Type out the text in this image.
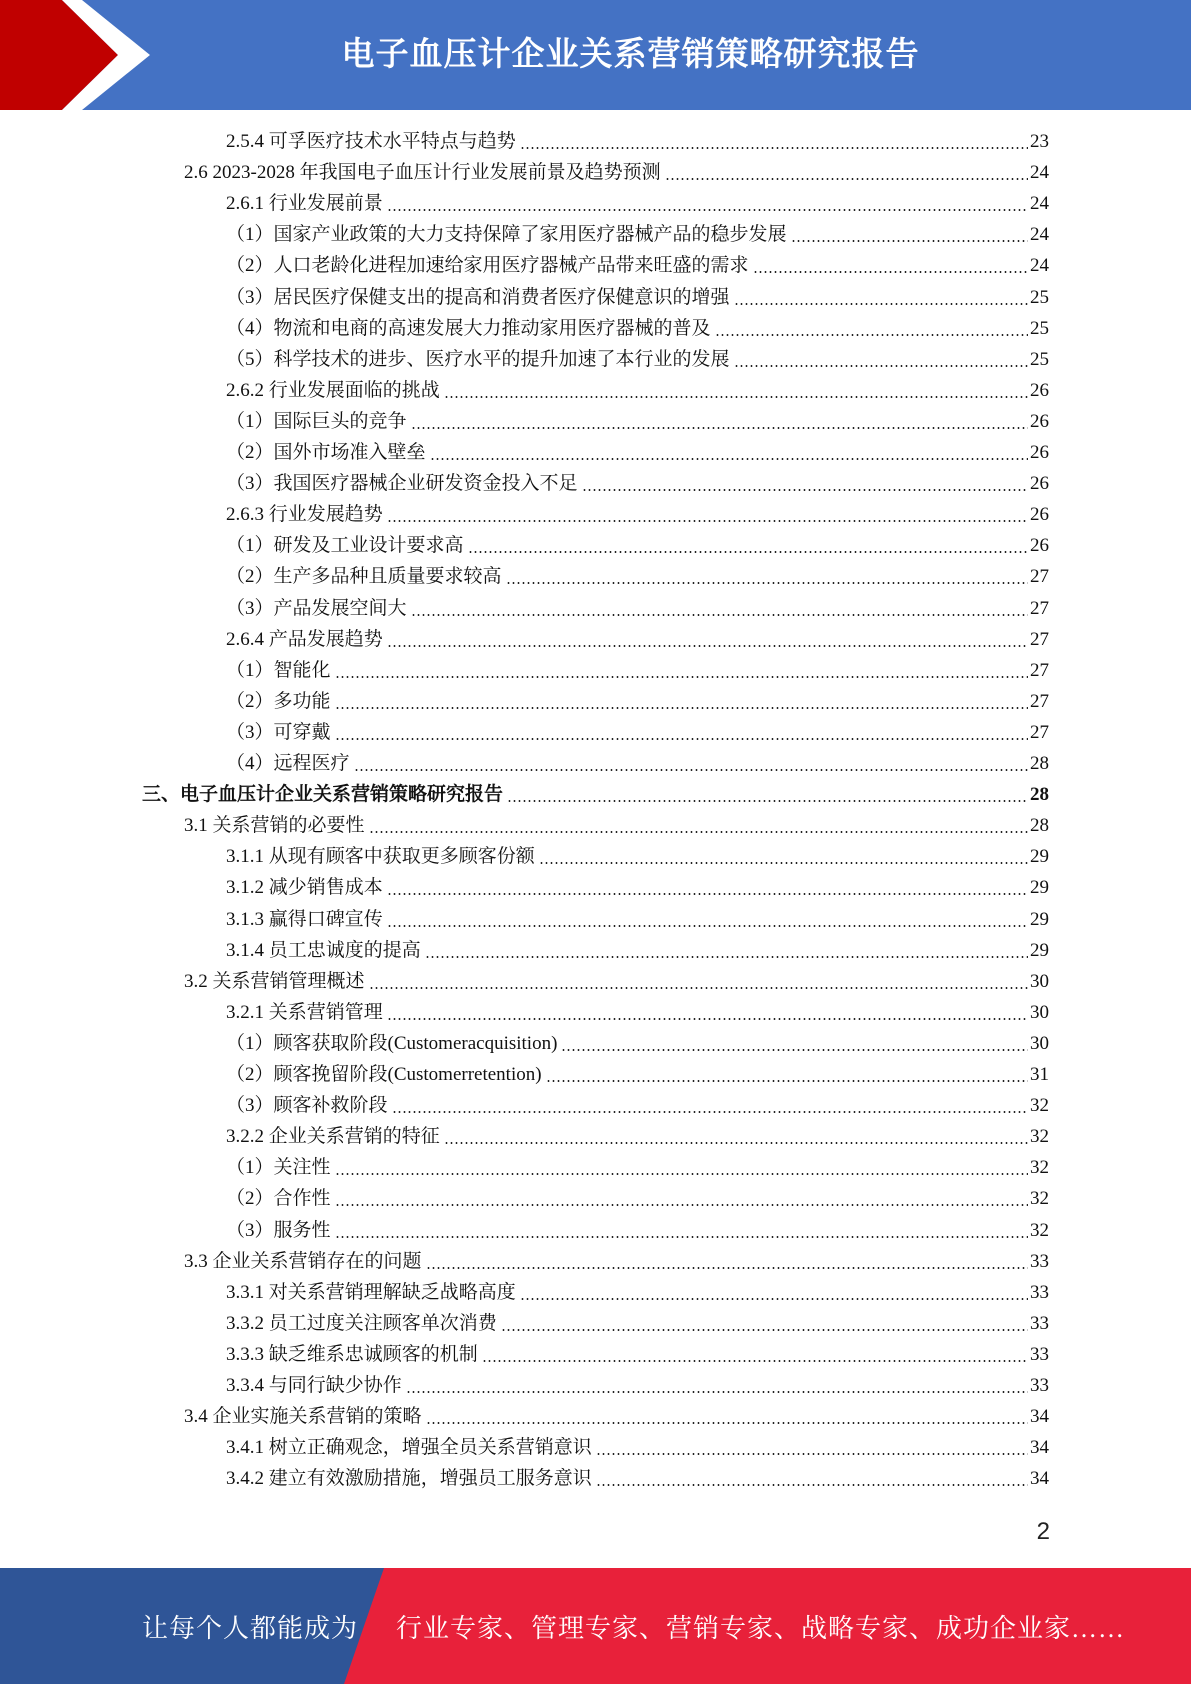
电子血压计企业关系营销策略研究报告
2.5.4 可孚医疗技术水平特点与趋势	23
2.6 2023-2028 年我国电子血压计行业发展前景及趋势预测	24
2.6.1 行业发展前景	24
（1）国家产业政策的大力支持保障了家用医疗器械产品的稳步发展	24
（2）人口老龄化进程加速给家用医疗器械产品带来旺盛的需求	24
（3）居民医疗保健支出的提高和消费者医疗保健意识的增强	25
（4）物流和电商的高速发展大力推动家用医疗器械的普及	25
（5）科学技术的进步、医疗水平的提升加速了本行业的发展	25
2.6.2 行业发展面临的挑战	26
（1）国际巨头的竞争	26
（2）国外市场准入壁垒	26
（3）我国医疗器械企业研发资金投入不足	26
2.6.3 行业发展趋势	26
（1）研发及工业设计要求高	26
（2）生产多品种且质量要求较高	27
（3）产品发展空间大	27
2.6.4 产品发展趋势	27
（1）智能化	27
（2）多功能	27
（3）可穿戴	27
（4）远程医疗	28
三、电子血压计企业关系营销策略研究报告	28
3.1 关系营销的必要性	28
3.1.1 从现有顾客中获取更多顾客份额	29
3.1.2 减少销售成本	29
3.1.3 赢得口碑宣传	29
3.1.4 员工忠诚度的提高	29
3.2 关系营销管理概述	30
3.2.1 关系营销管理	30
（1）顾客获取阶段(Customeracquisition)	30
（2）顾客挽留阶段(Customerretention)	31
（3）顾客补救阶段	32
3.2.2 企业关系营销的特征	32
（1）关注性	32
（2）合作性	32
（3）服务性	32
3.3 企业关系营销存在的问题	33
3.3.1 对关系营销理解缺乏战略高度	33
3.3.2 员工过度关注顾客单次消费	33
3.3.3 缺乏维系忠诚顾客的机制	33
3.3.4 与同行缺少协作	33
3.4 企业实施关系营销的策略	34
3.4.1 树立正确观念，增强全员关系营销意识	34
3.4.2 建立有效激励措施，增强员工服务意识	34
2
让每个人都能成为 行业专家、管理专家、营销专家、战略专家、成功企业家……
